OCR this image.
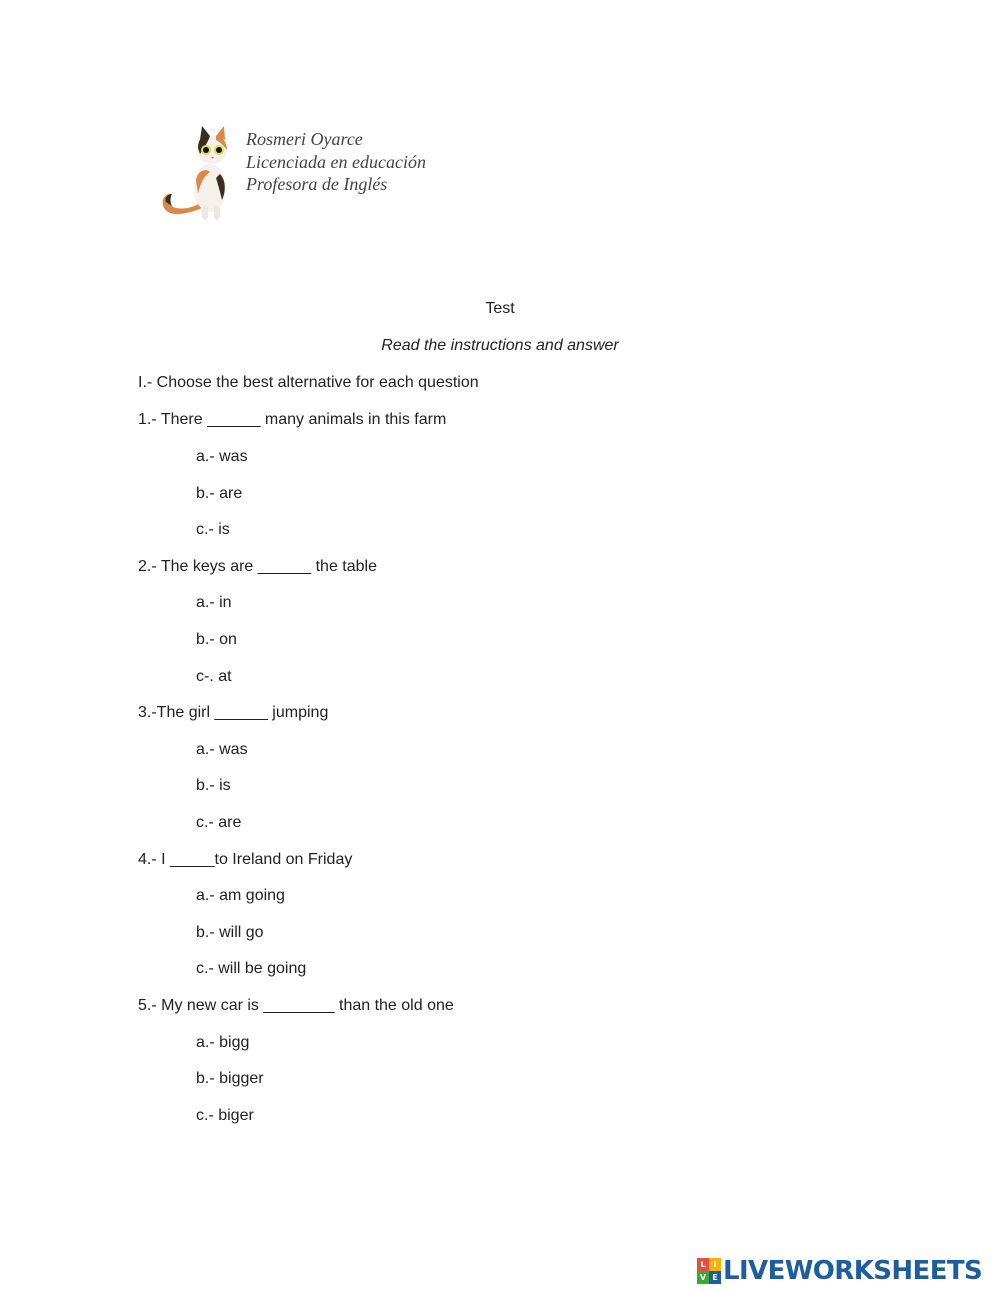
Rosmeri Oyarce
Licenciada en educación
Profesora de Inglés
Test
Read the instructions and answer
I.- Choose the best alternative for each question
1.- There ______ many animals in this farm
a.- was
b.- are
c.- is
2.- The keys are ______ the table
a.- in
b.- on
c-. at
3.-The girl ______ jumping
a.- was
b.- is
c.- are
4.- I _____to Ireland on Friday
a.- am going
b.- will go
c.- will be going
5.- My new car is ________ than the old one
a.- bigg
b.- bigger
c.- biger
L I
V E LIVEWORKSHEETS
